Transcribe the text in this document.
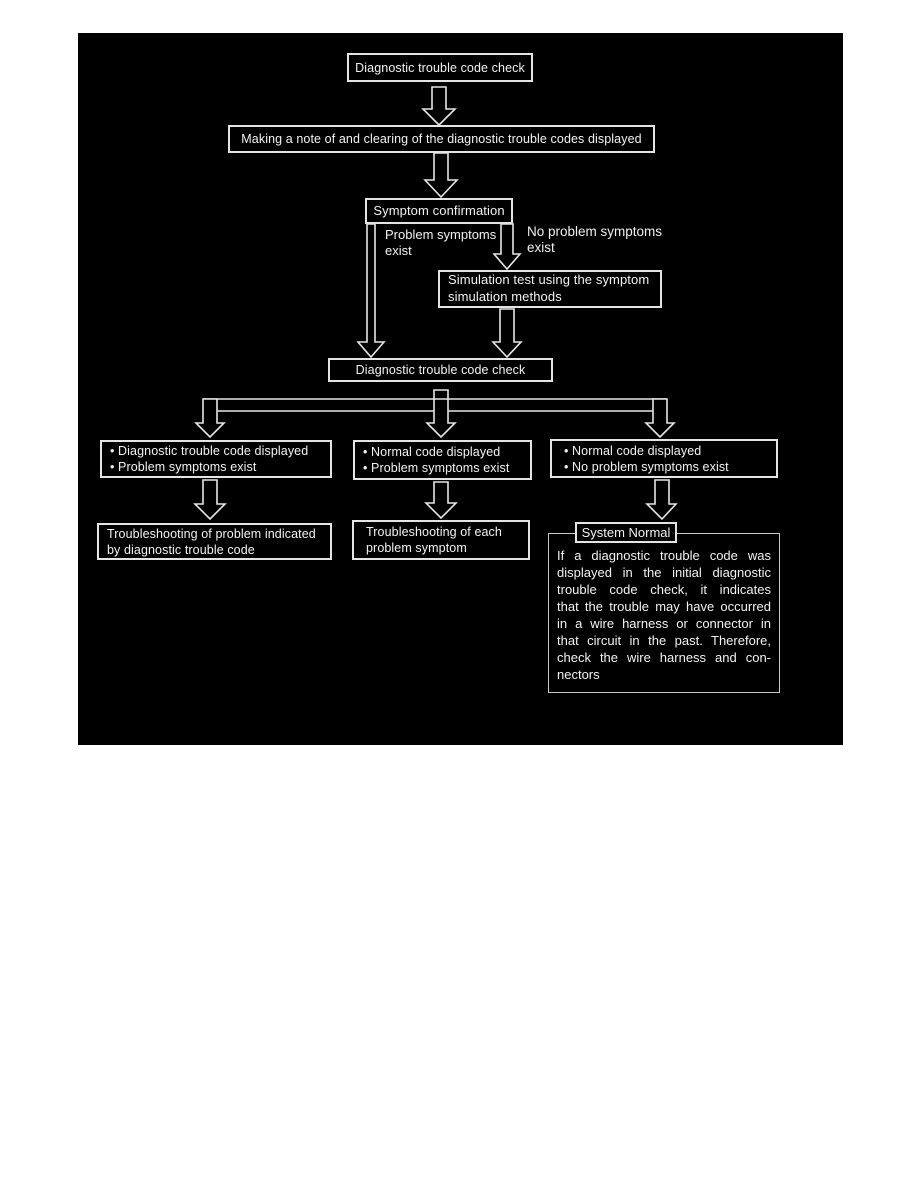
Diagnostic trouble code check
Making a note of and clearing of the diagnostic trouble codes displayed
Symptom confirmation
Problem symptoms
exist
No problem symptoms
exist
Simulation test using the symptom
simulation methods
Diagnostic trouble code check
• Diagnostic trouble code displayed
• Problem symptoms exist
• Normal code displayed
• Problem symptoms exist
• Normal code displayed
• No problem symptoms exist
Troubleshooting of problem indicated
by diagnostic trouble code
Troubleshooting of each
problem symptom	If a diagnostic trouble code was
displayed in the initial diagnostic
trouble code check, it indicates
that the trouble may have occurred
in a wire harness or connector in
that circuit in the past. Therefore,
check the wire harness and con-
nectors
System Normal
